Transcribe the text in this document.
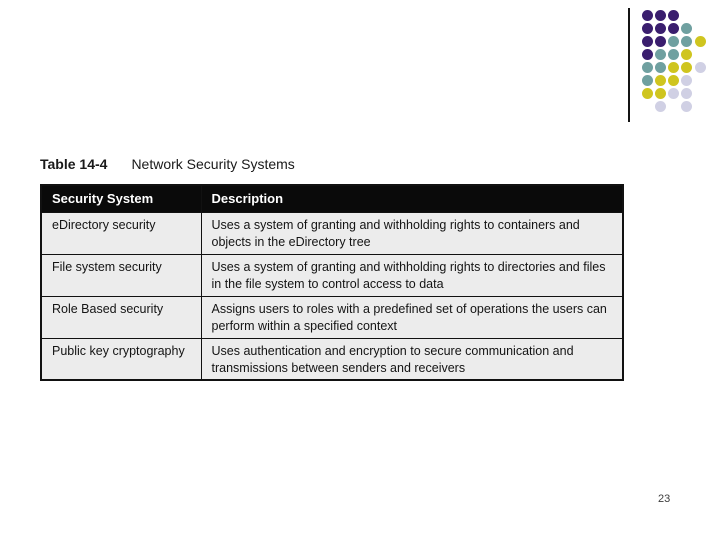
Table 14-4 Network Security Systems
Security System	Description
eDirectory security	Uses a system of granting and withholding rights to containers and objects in the eDirectory tree
File system security	Uses a system of granting and withholding rights to directories and files in the file system to control access to data
Role Based security	Assigns users to roles with a predefined set of operations the users can perform within a specified context
Public key cryptography	Uses authentication and encryption to secure communication and transmissions between senders and receivers
23
